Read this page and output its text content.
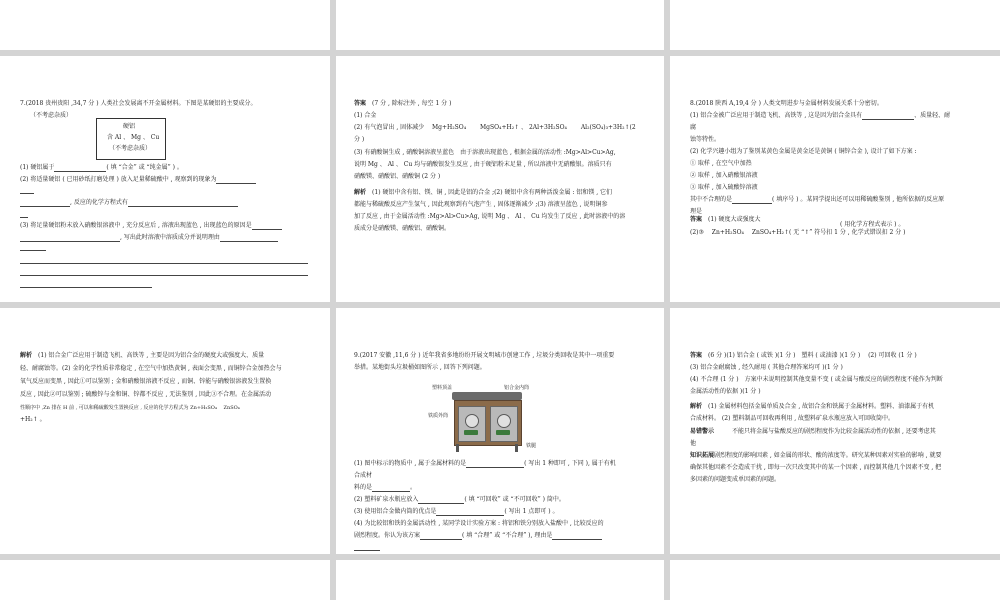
7.(2018 贵州贵阳 ,34,7 分 ) 人类社会发展离不开金属材料。下图是某硬铝的主要成分。
（不考虑杂质）
硬铝
含 Al 、 Mg 、 Cu
（不考虑杂质）
(1) 硬铝属于	( 填 “合金” 或 “纯金属” ) 。
(2) 将适量硬铝 ( 已用砂纸打磨处理 ) 放入足量稀硫酸中 , 观察到的现象为
, 反应的化学方程式有
(3) 将足量硬铝粉末放入硝酸银溶液中 , 充分反应后 , 溶液出现蓝色 , 出现蓝色的原因是
, 写出此时溶液中溶质成分并说明理由
答案　 (7 分 , 除标注外 , 每空 1 分 )
(1) 合金
(2) 有气泡冒出 , 固体减少　 Mg+H₂SO₄ 　　MgSO₄+H₂↑ 、 2Al+3H₂SO₄ 　　Al₂(SO₄)₃+3H₂↑(2
分 )
(3) 有硝酸铜生成 , 硝酸铜溶液呈蓝色　由于溶液出现蓝色 , 根据金属的活动性 :Mg>Al>Cu>Ag,
说明 Mg 、 Al 、 Cu 均与硝酸银发生反应 , 由于硬铝粉末足量 , 所以溶液中无硝酸银。溶质只有
硝酸镁、硝酸铝、硝酸铜 (2 分 )
解析　 (1) 硬铝中含有铝、镁、铜 , 因此是铝的合金 ;(2) 硬铝中含有两种活泼金属 : 铝和镁 , 它们
都能与稀硫酸反应产生氢气 , 因此观察到有气泡产生 , 固体逐渐减少 ;(3) 溶液呈蓝色 , 说明铜参
加了反应 , 由于金属活动性 :Mg>Al>Cu>Ag, 说明 Mg 、 Al 、 Cu 均发生了反应 , 此时溶液中的溶
质成分是硝酸镁、硝酸铝、硝酸铜。
8.(2018 陕西 A,19,4 分 ) 人类文明进步与金属材料发展关系十分密切。
(1) 铝合金被广泛应用于制造飞机、高铁等 , 这是因为铝合金具有	、质量轻、耐
腐
蚀等特性。
(2) 化学兴趣小组为了鉴别某黄色金属是黄金还是黄铜 ( 铜锌合金 ), 设计了如下方案 :
① 取样 , 在空气中加热
② 取样 , 加入硝酸银溶液
③ 取样 , 加入硫酸锌溶液
其中不合理的是	( 填序号 ) 。某同学提出还可以用稀硫酸鉴别 , 他所依据的反应原
理是
( 用化学方程式表示 ) 。
答案　 (1) 硬度大或强度大
(2)③　 Zn+H₂SO₄ 　ZnSO₄+H₂↑( 无 “↑” 符号扣 1 分 , 化学式错误扣 2 分 )
解析　 (1) 铝合金广泛应用于制造飞机、高铁等 , 主要是因为铝合金的硬度大或强度大、质量
轻、耐腐蚀等。(2) 金的化学性质非常稳定 , 在空气中加热黄铜 , 表面会变黑 , 而铜锌合金加热会与
氧气反应而变黑 , 因此①可以鉴别 ; 金和硝酸银溶液不反应 , 而铜、锌能与硝酸银溶液发生置换
反应 , 因此②可以鉴别 ; 硫酸锌与金和铜、锌都不反应 , 无法鉴别 , 因此③不合理。在金属活动
性顺序中 ,Zn 排在 H 前 , 可以和稀硫酸发生置换反应 , 反应的化学方程式为 Zn+H₂SO₄　 ZnSO₄
+H₂↑ 。
9.(2017 安徽 ,11,6 分 ) 近年我省多地纷纷开展文明城市创建工作 , 垃圾分类回收是其中一项重要
举措。某地街头垃圾桶如图所示 , 回答下列问题。
塑料顶盖	铝合金内筒
铁质外筒
铁腿
(1) 图中标示的物质中 , 属于金属材料的是	( 写出 1 种即可 , 下同 ), 属于有机
合成材
料的是	。
(2) 塑料矿泉水瓶应放入	( 填 “可回收” 或 “不可回收” ) 筒中。
(3) 使用铝合金做内筒的优点是	( 写出 1 点即可 ) 。
(4) 为比较铝和铁的金属活动性 , 某同学设计实验方案 : 将铝和铁分别放入盐酸中 , 比较反应的
剧烈程度。你认为该方案	( 填 “合理” 或 “不合理” ), 理由是
答案　 (6 分 )(1) 铝合金 ( 或铁 )(1 分 )　塑料 ( 或油漆 )(1 分 )　 (2) 可回收 (1 分 )
(3) 铝合金耐腐蚀 , 经久耐用 ( 其他合理答案均可 )(1 分 )
(4) 不合理 (1 分 )　方案中未说明控制其他变量不变 ( 或金属与酸反应的剧烈程度不能作为判断
金属活动性的依据 )(1 分 )
解析　 (1) 金属材料包括金属单质及合金 , 故铝合金和铁属于金属材料。塑料、油漆属于有机
合成材料。 (2) 塑料制品可回收再利用 , 故塑料矿泉水瓶应放入可回收筒中。
易错警示　　　	不能只将金属与盐酸反应的剧烈程度作为比较金属活动性的依据 , 还要考虑其
他
知识拓展剧烈程度的影响因素 , 如金属的形状、酸的浓度等。研究某种因素对实验的影响 , 就要
确保其他因素不会造成干扰 , 即每一次只改变其中的某一个因素 , 而控制其他几个因素不变 , 把
多因素的问题变成单因素的问题。
